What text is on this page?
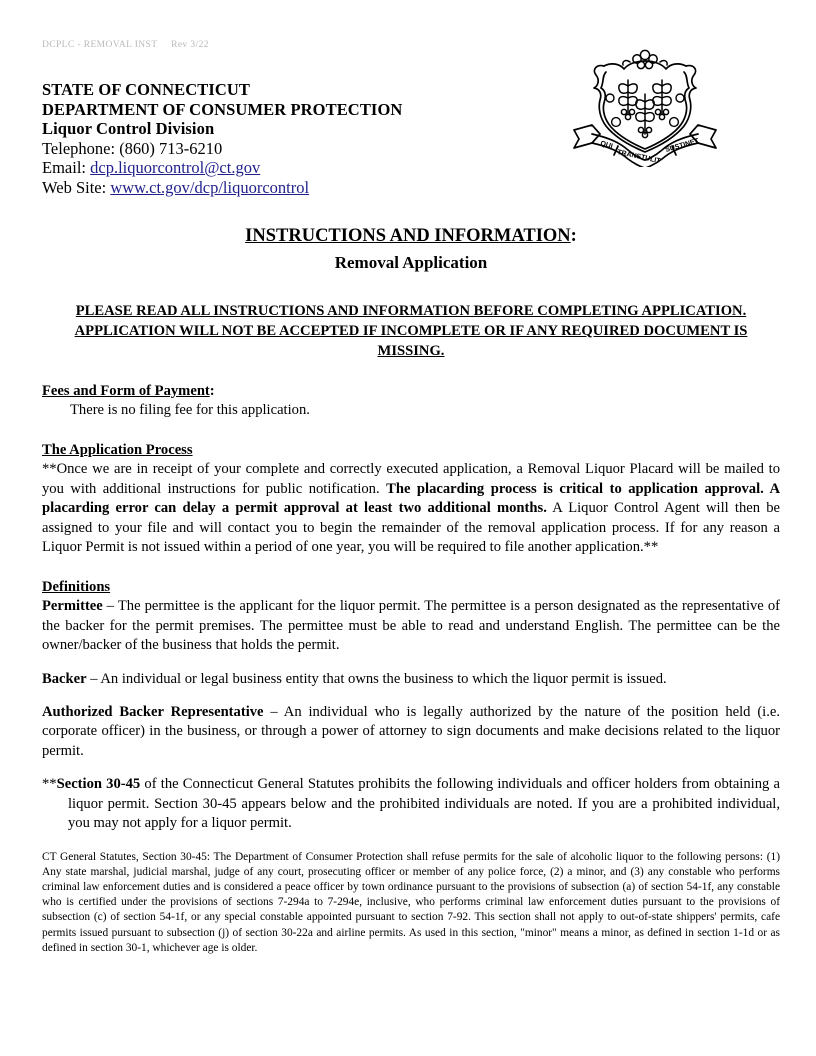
DCPLC - REMOVAL INST     Rev 3/22
QUI
TRANSTULIT
SUSTINET
STATE OF CONNECTICUT
DEPARTMENT OF CONSUMER PROTECTION
Liquor Control Division
Telephone: (860) 713-6210
Email: dcp.liquorcontrol@ct.gov
Web Site: www.ct.gov/dcp/liquorcontrol
INSTRUCTIONS AND INFORMATION:
Removal Application
PLEASE READ ALL INSTRUCTIONS AND INFORMATION BEFORE COMPLETING APPLICATION. APPLICATION WILL NOT BE ACCEPTED IF INCOMPLETE OR IF ANY REQUIRED DOCUMENT IS MISSING.
Fees and Form of Payment:
There is no filing fee for this application.
The Application Process
**Once we are in receipt of your complete and correctly executed application, a Removal Liquor Placard will be mailed to you with additional instructions for public notification. The placarding process is critical to application approval. A placarding error can delay a permit approval at least two additional months. A Liquor Control Agent will then be assigned to your file and will contact you to begin the remainder of the removal application process. If for any reason a Liquor Permit is not issued within a period of one year, you will be required to file another application.**
Definitions
Permittee – The permittee is the applicant for the liquor permit. The permittee is a person designated as the representative of the backer for the permit premises. The permittee must be able to read and understand English. The permittee can be the owner/backer of the business that holds the permit.
Backer – An individual or legal business entity that owns the business to which the liquor permit is issued.
Authorized Backer Representative – An individual who is legally authorized by the nature of the position held (i.e. corporate officer) in the business, or through a power of attorney to sign documents and make decisions related to the liquor permit.
**Section 30-45 of the Connecticut General Statutes prohibits the following individuals and officer holders from obtaining a liquor permit. Section 30-45 appears below and the prohibited individuals are noted. If you are a prohibited individual, you may not apply for a liquor permit.
CT General Statutes, Section 30-45: The Department of Consumer Protection shall refuse permits for the sale of alcoholic liquor to the following persons: (1) Any state marshal, judicial marshal, judge of any court, prosecuting officer or member of any police force, (2) a minor, and (3) any constable who performs criminal law enforcement duties and is considered a peace officer by town ordinance pursuant to the provisions of subsection (a) of section 54-1f, any constable who is certified under the provisions of sections 7-294a to 7-294e, inclusive, who performs criminal law enforcement duties pursuant to the provisions of subsection (c) of section 54-1f, or any special constable appointed pursuant to section 7-92. This section shall not apply to out-of-state shippers' permits, cafe permits issued pursuant to subsection (j) of section 30-22a and airline permits. As used in this section, "minor" means a minor, as defined in section 1-1d or as defined in section 30-1, whichever age is older.
